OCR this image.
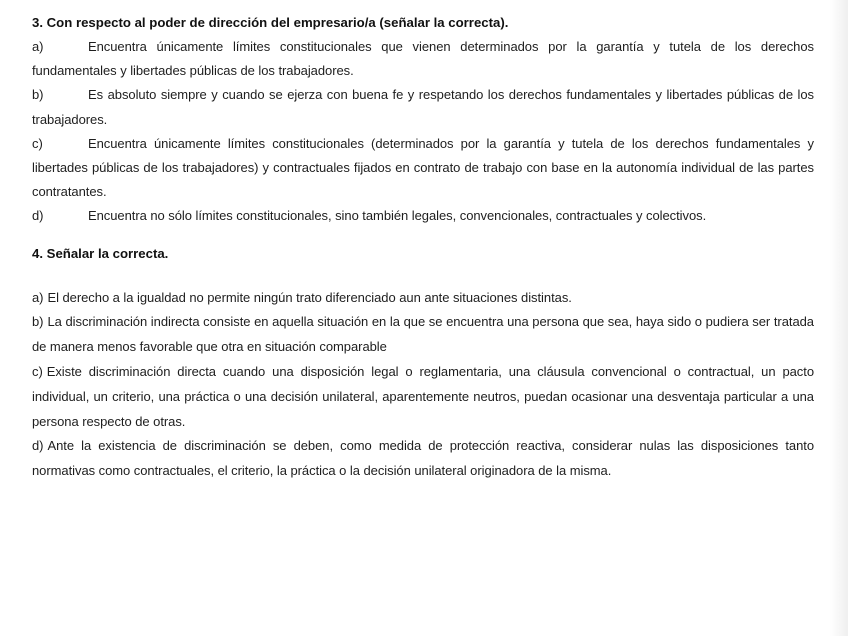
3. Con respecto al poder de dirección del empresario/a (señalar la correcta).

a)	Encuentra únicamente límites constitucionales que vienen determinados por la garantía y tutela de los derechos fundamentales y libertades públicas de los trabajadores.

b)	Es absoluto siempre y cuando se ejerza con buena fe y respetando los derechos fundamentales y libertades públicas de los trabajadores.

c)	Encuentra únicamente límites constitucionales (determinados por la garantía y tutela de los derechos fundamentales y libertades públicas de los trabajadores) y contractuales fijados en contrato de trabajo con base en la autonomía individual de las partes contratantes.

d)	Encuentra no sólo límites constitucionales, sino también legales, convencionales, contractuales y colectivos.

4. Señalar la correcta.

a) El derecho a la igualdad no permite ningún trato diferenciado aun ante situaciones distintas.

b) La discriminación indirecta consiste en aquella situación en la que se encuentra una persona que sea, haya sido o pudiera ser tratada de manera menos favorable que otra en situación comparable

c) Existe discriminación directa cuando una disposición legal o reglamentaria, una cláusula convencional o contractual, un pacto individual, un criterio, una práctica o una decisión unilateral, aparentemente neutros, puedan ocasionar una desventaja particular a una persona respecto de otras.

d) Ante la existencia de discriminación se deben, como medida de protección reactiva, considerar nulas las disposiciones tanto normativas como contractuales, el criterio, la práctica o la decisión unilateral originadora de la misma.
